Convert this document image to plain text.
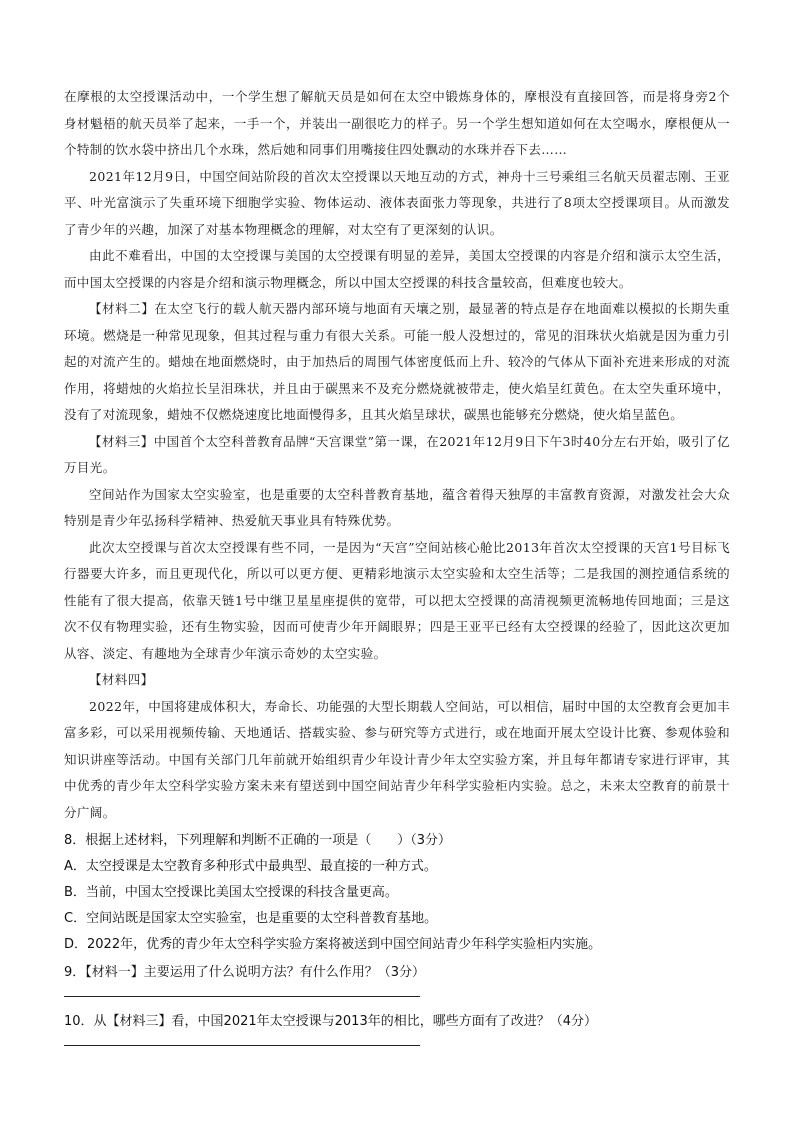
在摩根的太空授课活动中，一个学生想了解航天员是如何在太空中锻炼身体的，摩根没有直接回答，而是将身旁2个身材魁梧的航天员举了起来，一手一个，并装出一副很吃力的样子。另一个学生想知道如何在太空喝水，摩根便从一个特制的饮水袋中挤出几个水珠，然后她和同事们用嘴接住四处飘动的水珠并吞下去……

2021年12月9日，中国空间站阶段的首次太空授课以天地互动的方式，神舟十三号乘组三名航天员翟志刚、王亚平、叶光富演示了失重环境下细胞学实验、物体运动、液体表面张力等现象，共进行了8项太空授课项目。从而激发了青少年的兴趣，加深了对基本物理概念的理解，对太空有了更深刻的认识。

由此不难看出，中国的太空授课与美国的太空授课有明显的差异，美国太空授课的内容是介绍和演示太空生活，而中国太空授课的内容是介绍和演示物理概念，所以中国太空授课的科技含量较高，但难度也较大。

【材料二】在太空飞行的载人航天器内部环境与地面有天壤之别，最显著的特点是存在地面难以模拟的长期失重环境。燃烧是一种常见现象，但其过程与重力有很大关系。可能一般人没想过的，常见的泪珠状火焰就是因为重力引起的对流产生的。蜡烛在地面燃烧时，由于加热后的周围气体密度低而上升、较冷的气体从下面补充进来形成的对流作用，将蜡烛的火焰拉长呈泪珠状，并且由于碳黑来不及充分燃烧就被带走，使火焰呈红黄色。在太空失重环境中，没有了对流现象，蜡烛不仅燃烧速度比地面慢得多，且其火焰呈球状，碳黑也能够充分燃烧，使火焰呈蓝色。

【材料三】中国首个太空科普教育品牌“天宫课堂”第一课，在2021年12月9日下午3时40分左右开始，吸引了亿万目光。

空间站作为国家太空实验室，也是重要的太空科普教育基地，蕴含着得天独厚的丰富教育资源，对激发社会大众特别是青少年弘扬科学精神、热爱航天事业具有特殊优势。

此次太空授课与首次太空授课有些不同，一是因为“天宫”空间站核心舱比2013年首次太空授课的天宫1号目标飞行器要大许多，而且更现代化，所以可以更方便、更精彩地演示太空实验和太空生活等；二是我国的测控通信系统的性能有了很大提高，依靠天链1号中继卫星星座提供的宽带，可以把太空授课的高清视频更流畅地传回地面；三是这次不仅有物理实验，还有生物实验，因而可使青少年开阔眼界；四是王亚平已经有太空授课的经验了，因此这次更加从容、淡定、有趣地为全球青少年演示奇妙的太空实验。

【材料四】

2022年，中国将建成体积大，寿命长、功能强的大型长期载人空间站，可以相信，届时中国的太空教育会更加丰富多彩，可以采用视频传输、天地通话、搭载实验、参与研究等方式进行，或在地面开展太空设计比赛、参观体验和知识讲座等活动。中国有关部门几年前就开始组织青少年设计青少年太空实验方案，并且每年都请专家进行评审，其中优秀的青少年太空科学实验方案未来有望送到中国空间站青少年科学实验柜内实验。总之，未来太空教育的前景十分广阔。

8．根据上述材料，下列理解和判断不正确的一项是（　　）（3分）

A．太空授课是太空教育多种形式中最典型、最直接的一种方式。

B．当前，中国太空授课比美国太空授课的科技含量更高。

C．空间站既是国家太空实验室，也是重要的太空科普教育基地。

D．2022年，优秀的青少年太空科学实验方案将被送到中国空间站青少年科学实验柜内实施。

9．【材料一】主要运用了什么说明方法？有什么作用？（3分）

10．从【材料三】看，中国2021年太空授课与2013年的相比，哪些方面有了改进？（4分）
